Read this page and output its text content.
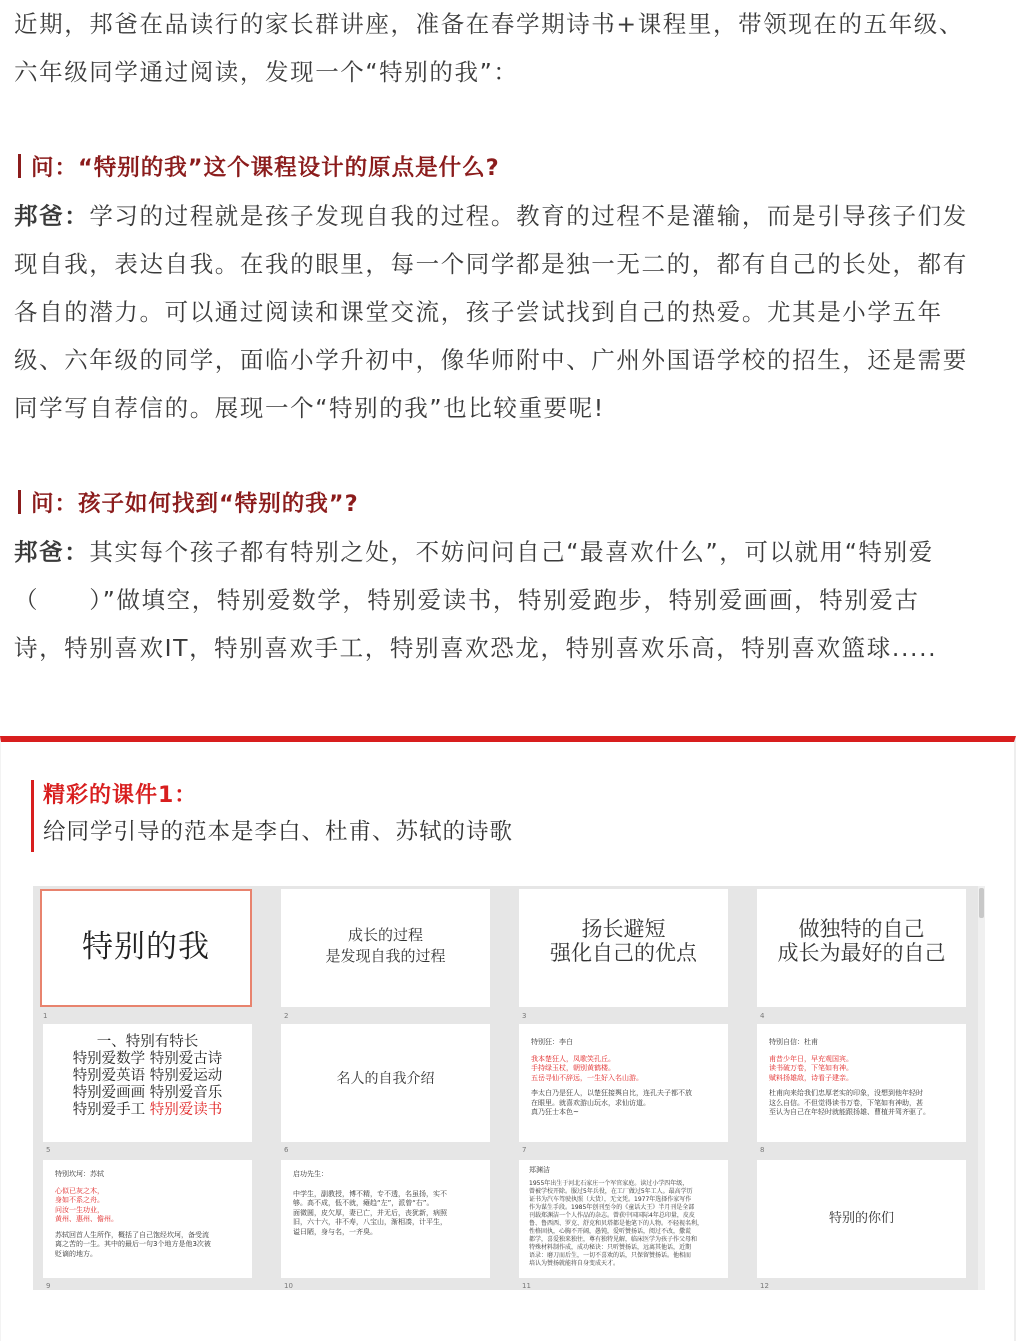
近期，邦爸在品读行的家长群讲座，准备在春学期诗书+课程里，带领现在的五年级、

六年级同学通过阅读，发现一个“特别的我”：

问：“特别的我”这个课程设计的原点是什么?

邦爸：学习的过程就是孩子发现自我的过程。教育的过程不是灌输，而是引导孩子们发

现自我，表达自我。在我的眼里，每一个同学都是独一无二的，都有自己的长处，都有

各自的潜力。可以通过阅读和课堂交流，孩子尝试找到自己的热爱。尤其是小学五年

级、六年级的同学，面临小学升初中，像华师附中、广州外国语学校的招生，还是需要

同学写自荐信的。展现一个“特别的我”也比较重要呢!

问：孩子如何找到“特别的我”?

邦爸：其实每个孩子都有特别之处，不妨问问自己“最喜欢什么”，可以就用“特别爱

（　　）”做填空，特别爱数学，特别爱读书，特别爱跑步，特别爱画画，特别爱古

诗，特别喜欢IT，特别喜欢手工，特别喜欢恐龙，特别喜欢乐高，特别喜欢篮球.....

精彩的课件1：
给同学引导的范本是李白、杜甫、苏轼的诗歌
特别的我
1
成长的过程
是发现自我的过程
2
扬长避短
强化自己的优点
3
做独特的自己
成长为最好的自己
4
一、特别有特长
特别爱数学 特别爱古诗
特别爱英语 特别爱运动
特别爱画画 特别爱音乐
特别爱手工 特别爱读书
5
名人的自我介绍
6
特别狂：李白
我本楚狂人，凤歌笑孔丘。
手持绿玉杖，朝别黄鹤楼。
五岳寻仙不辞远，一生好入名山游。
李太白乃是狂人，以楚狂接舆自比，连孔夫子都不放
在眼里。就喜欢游山玩水，求仙访道。
真乃狂士本色~
7
特别自信：杜甫
甫昔少年日，早充观国宾。
读书破万卷，下笔如有神。
赋料扬雄敌，诗看子建亲。
杜甫向来给我们忠厚老实的印象，没想到他年轻时
这么自信。不但觉得读书万卷，下笔如有神助，甚
至认为自己在年轻时就能跟扬雄、曹植并驾齐驱了。
8
特别坎坷：苏轼
心似已灰之木，
身如不系之舟。
问汝一生功业，
黄州、惠州、儋州。
苏轼回首人生所作，概括了自己饱经坎坷，备受流
离之苦的一生。其中的最后一句3个地方是他3次被
贬谪的地方。
启功先生：
中学生，副教授，博不精，专不透，名虽扬，实不
够。高不成，低不就，瘫趋“左”，派曾“右”。
面微圆，皮欠厚，妻已亡，并无后，丧犹新，病照
旧，六十六，非不寿，八宝山，渐相凑，计平生，
谥曰陋，身与名，一齐臭。
郑渊洁
1955年出生于河北石家庄一个军官家庭。读过小学四年级，
曾被学校开除。服过5年兵役，在工厂做过5年工人。最高学历
证书为汽车驾驶执照（大货），无文凭。1977年选择作家写作
作为谋生手段。1985年创刊至今的《童话大王》半月刊是全部
刊载郑渊洁一个人作品的杂志。曾获中国国际4年总印量，皮皮
鲁、鲁西西、罗克、舒克和贝塔都是他笔下的人物。不轻视名利，
性格固执，心胸不开阔，愚钝，爱听赞扬话，阅过不改，撒谎
都学，喜爱独来独往，尊有独特见解，临床医学为孩子作父母和
特殊材料制作成，成功秘诀：只听赞扬话，远离其他话，近期
语录：磨刀而后生，一切不喜欢的话，只保留赞扬话。他相而
培认为赞扬就能将自身变成天才。
特别的你们
9	10	11	12
